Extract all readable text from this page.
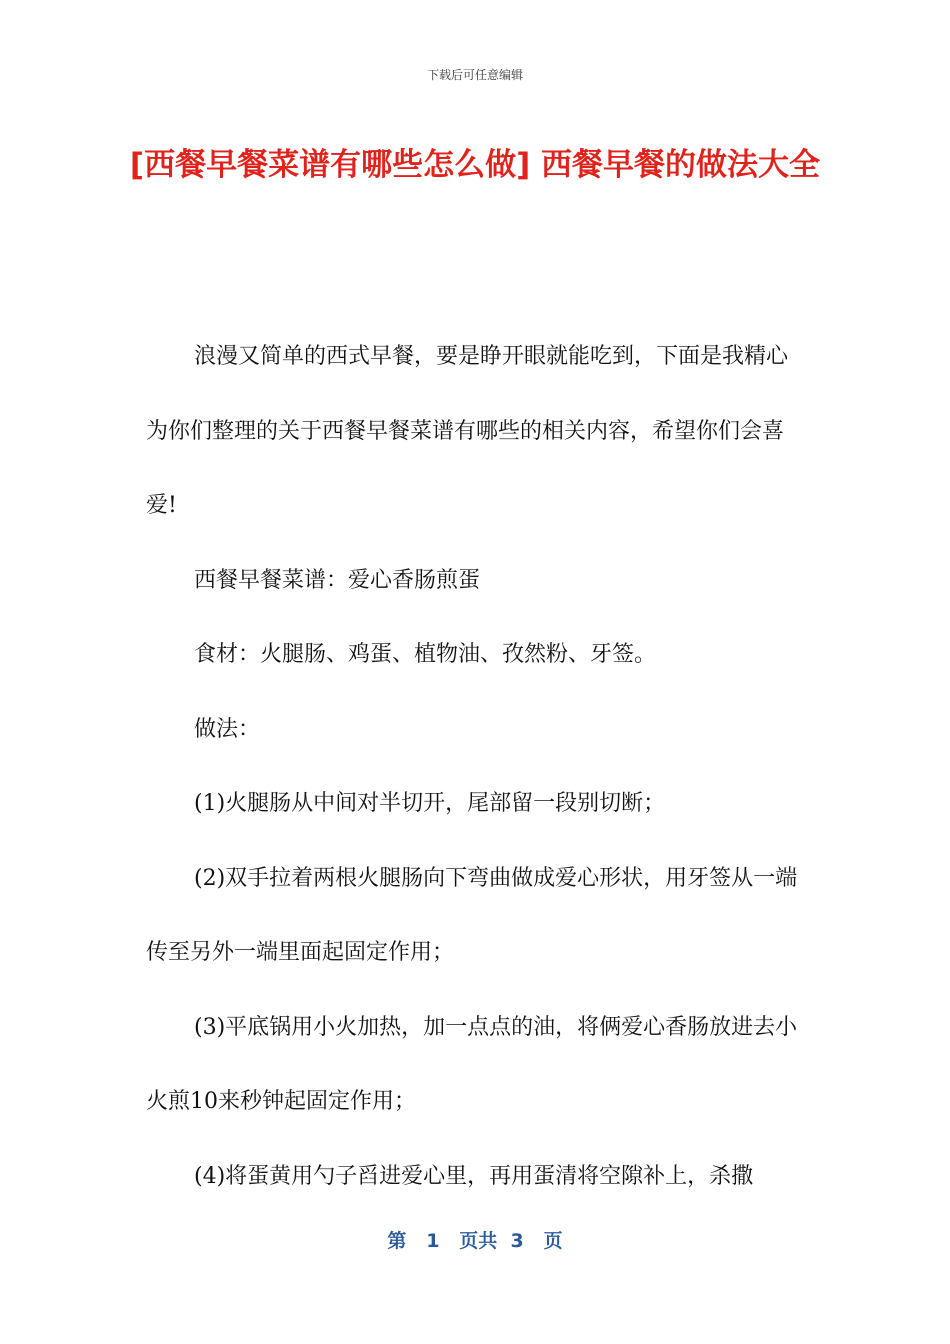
下载后可任意编辑
[西餐早餐菜谱有哪些怎么做] 西餐早餐的做法大全

浪漫又简单的西式早餐，要是睁开眼就能吃到，下面是我精心为你们整理的关于西餐早餐菜谱有哪些的相关内容，希望你们会喜爱!

西餐早餐菜谱：爱心香肠煎蛋

食材：火腿肠、鸡蛋、植物油、孜然粉、牙签。

做法：

(1)火腿肠从中间对半切开，尾部留一段别切断；

(2)双手拉着两根火腿肠向下弯曲做成爱心形状，用牙签从一端传至另外一端里面起固定作用；

(3)平底锅用小火加热，加一点点的油，将俩爱心香肠放进去小火煎10来秒钟起固定作用；

(4)将蛋黄用勺子舀进爱心里，再用蛋清将空隙补上，杀撒

第 1 页共 3 页
